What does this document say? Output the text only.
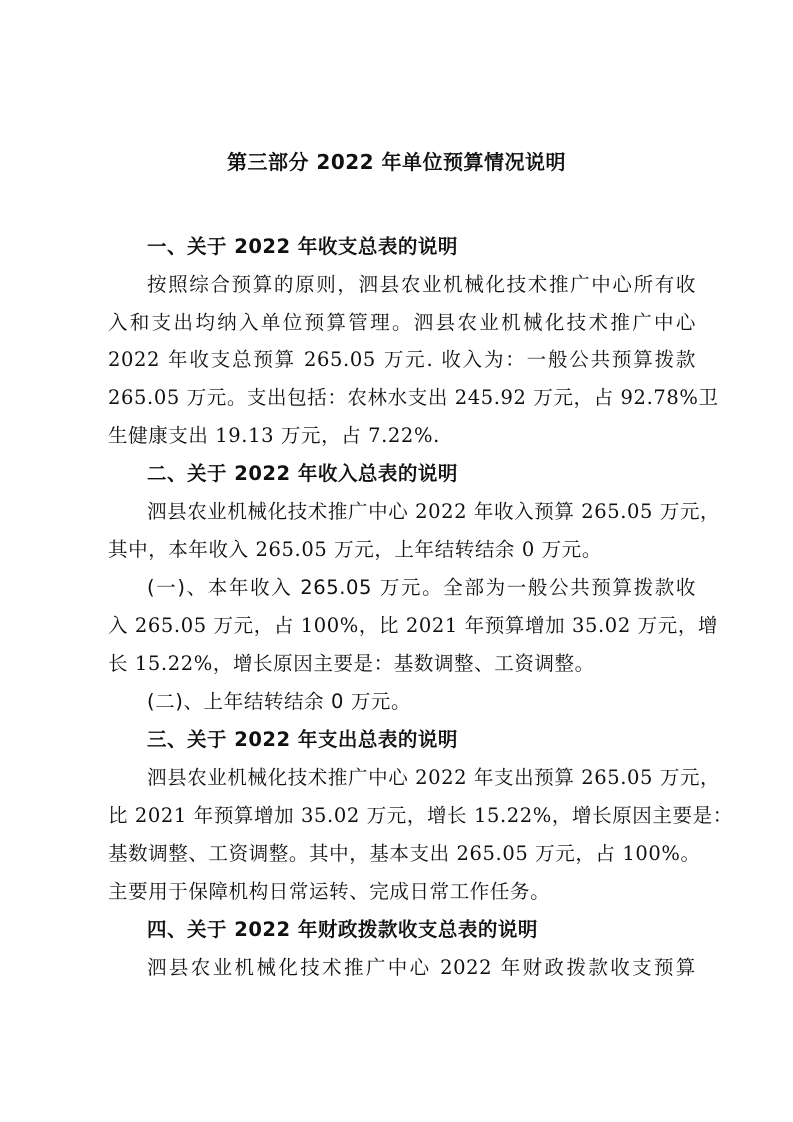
第三部分 2022 年单位预算情况说明
一、关于 2022 年收支总表的说明
按照综合预算的原则，泗县农业机械化技术推广中心所有收
入和支出均纳入单位预算管理。泗县农业机械化技术推广中心
2022 年收支总预算 265.05 万元. 收入为：一般公共预算拨款
265.05 万元。支出包括：农林水支出 245.92 万元，占 92.78%卫
生健康支出 19.13 万元，占 7.22%.
二、关于 2022 年收入总表的说明
泗县农业机械化技术推广中心 2022 年收入预算 265.05 万元，
其中，本年收入 265.05 万元，上年结转结余 0 万元。
(一)、本年收入 265.05 万元。全部为一般公共预算拨款收
入 265.05 万元，占 100%，比 2021 年预算增加 35.02 万元，增
长 15.22%，增长原因主要是：基数调整、工资调整。
(二)、上年结转结余 0 万元。
三、关于 2022 年支出总表的说明
泗县农业机械化技术推广中心 2022 年支出预算 265.05 万元，
比 2021 年预算增加 35.02 万元，增长 15.22%，增长原因主要是：
基数调整、工资调整。其中，基本支出 265.05 万元，占 100%。
主要用于保障机构日常运转、完成日常工作任务。
四、关于 2022 年财政拨款收支总表的说明
泗县农业机械化技术推广中心 2022 年财政拨款收支预算
